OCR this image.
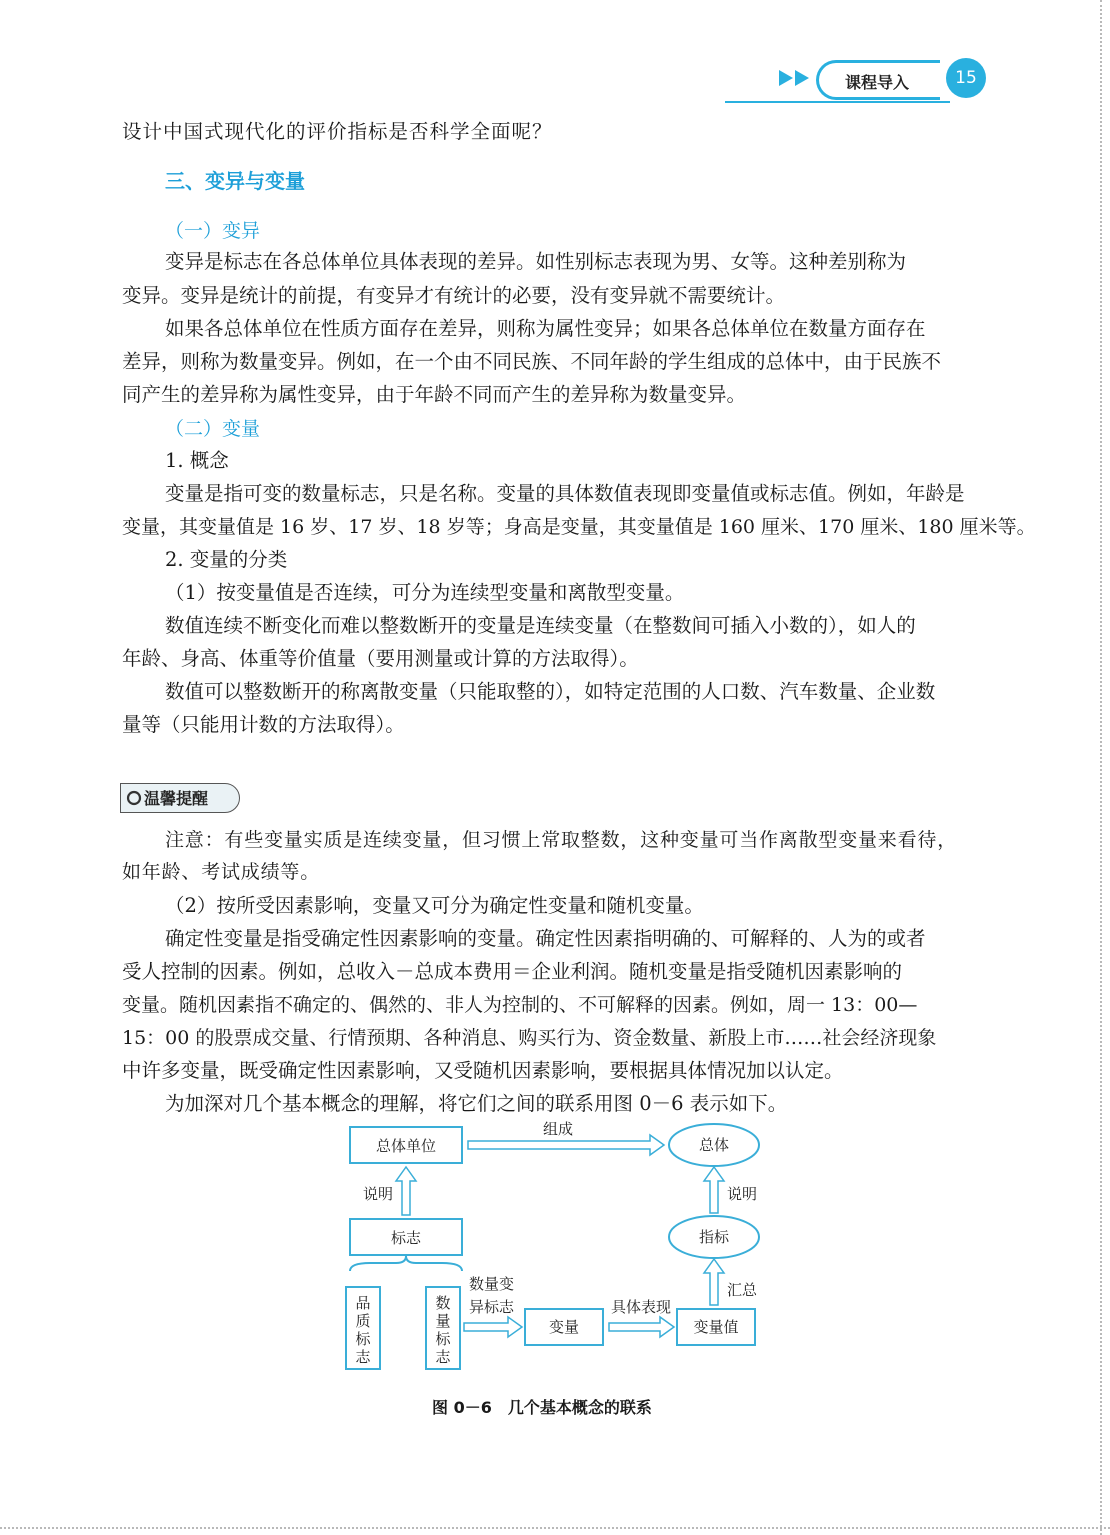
课程导入	15
设计中国式现代化的评价指标是否科学全面呢？
三、变异与变量
（一）变异
变异是标志在各总体单位具体表现的差异。如性别标志表现为男、女等。这种差别称为
变异。变异是统计的前提，有变异才有统计的必要，没有变异就不需要统计。
如果各总体单位在性质方面存在差异，则称为属性变异；如果各总体单位在数量方面存在
差异，则称为数量变异。例如，在一个由不同民族、不同年龄的学生组成的总体中，由于民族不
同产生的差异称为属性变异，由于年龄不同而产生的差异称为数量变异。
（二）变量
1. 概念
变量是指可变的数量标志，只是名称。变量的具体数值表现即变量值或标志值。例如，年龄是
变量，其变量值是 16 岁、17 岁、18 岁等；身高是变量，其变量值是 160 厘米、170 厘米、180 厘米等。
2. 变量的分类
（1）按变量值是否连续，可分为连续型变量和离散型变量。
数值连续不断变化而难以整数断开的变量是连续变量（在整数间可插入小数的），如人的
年龄、身高、体重等价值量（要用测量或计算的方法取得）。
数值可以整数断开的称离散变量（只能取整的），如特定范围的人口数、汽车数量、企业数
量等（只能用计数的方法取得）。
温馨提醒
注意：有些变量实质是连续变量，但习惯上常取整数，这种变量可当作离散型变量来看待，
如年龄、考试成绩等。
（2）按所受因素影响，变量又可分为确定性变量和随机变量。
确定性变量是指受确定性因素影响的变量。确定性因素指明确的、可解释的、人为的或者
受人控制的因素。例如，总收入－总成本费用＝企业利润。随机变量是指受随机因素影响的
变量。随机因素指不确定的、偶然的、非人为控制的、不可解释的因素。例如，周一 13：00—
15：00 的股票成交量、行情预期、各种消息、购买行为、资金数量、新股上市……社会经济现象
中许多变量，既受确定性因素影响，又受随机因素影响，要根据具体情况加以认定。
为加深对几个基本概念的理解，将它们之间的联系用图 0－6 表示如下。
总体单位
组成
总体
说明	说明
标志	指标
品
质
标
志
数
量
标
志
数量变
异标志
变量
具体表现
变量值
汇总
图 0－6　几个基本概念的联系
